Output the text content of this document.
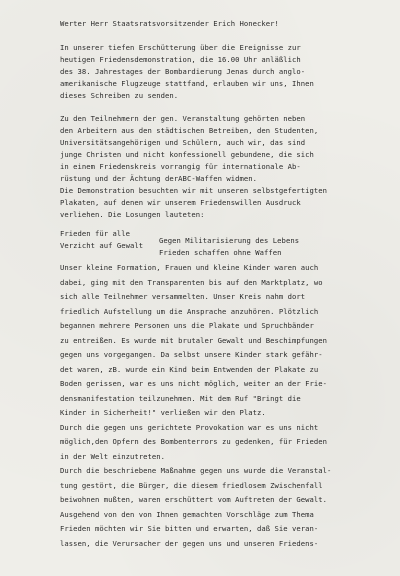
Werter Herr Staatsratsvorsitzender Erich Honecker!

In unserer tiefen Erschütterung über die Ereignisse zur

heutigen Friedensdemonstration, die 16.00 Uhr anläßlich

des 38. Jahrestages der Bombardierung Jenas durch anglo-

amerikanische Flugzeuge stattfand, erlauben wir uns, Ihnen

dieses Schreiben zu senden.

Zu den Teilnehmern der gen. Veranstaltung gehörten neben

den Arbeitern aus den städtischen Betreiben, den Studenten,

Universitätsangehörigen und Schülern, auch wir, das sind

junge Christen und nicht konfessionell gebundene, die sich

in einem Friedenskreis vorrangig für internationale Ab-

rüstung und der Ächtung derABC-Waffen widmen.

Die Demonstration besuchten wir mit unseren selbstgefertigten

Plakaten, auf denen wir unserem Friedenswillen Ausdruck

verliehen. Die Losungen lauteten:

Frieden für alle

Verzicht auf Gewalt

Gegen Militarisierung des Lebens

Frieden schaffen ohne Waffen

Unser kleine Formation, Frauen und kleine Kinder waren auch

dabei, ging mit den Transparenten bis auf den Marktplatz, wo

sich alle Teilnehmer versammelten. Unser Kreis nahm dort

friedlich Aufstellung um die Ansprache anzuhören. Plötzlich

begannen mehrere Personen uns die Plakate und Spruchbänder

zu entreißen. Es wurde mit brutaler Gewalt und Beschimpfungen

gegen uns vorgegangen. Da selbst unsere Kinder stark gefähr-

det waren, zB. wurde ein Kind beim Entwenden der Plakate zu

Boden gerissen, war es uns nicht möglich, weiter an der Frie-

densmanifestation teilzunehmen. Mit dem Ruf "Bringt die

Kinder in Sicherheit!" verließen wir den Platz.

Durch die gegen uns gerichtete Provokation war es uns nicht

möglich,den Opfern des Bombenterrors zu gedenken, für Frieden

in der Welt einzutreten.

Durch die beschriebene Maßnahme gegen uns wurde die Veranstal-

tung gestört, die Bürger, die diesem friedlosem Zwischenfall

beiwohnen mußten, waren erschüttert vom Auftreten der Gewalt.

Ausgehend von den von Ihnen gemachten Vorschläge zum Thema

Frieden möchten wir Sie bitten und erwarten, daß Sie veran-

lassen, die Verursacher der gegen uns und unseren Friedens-
